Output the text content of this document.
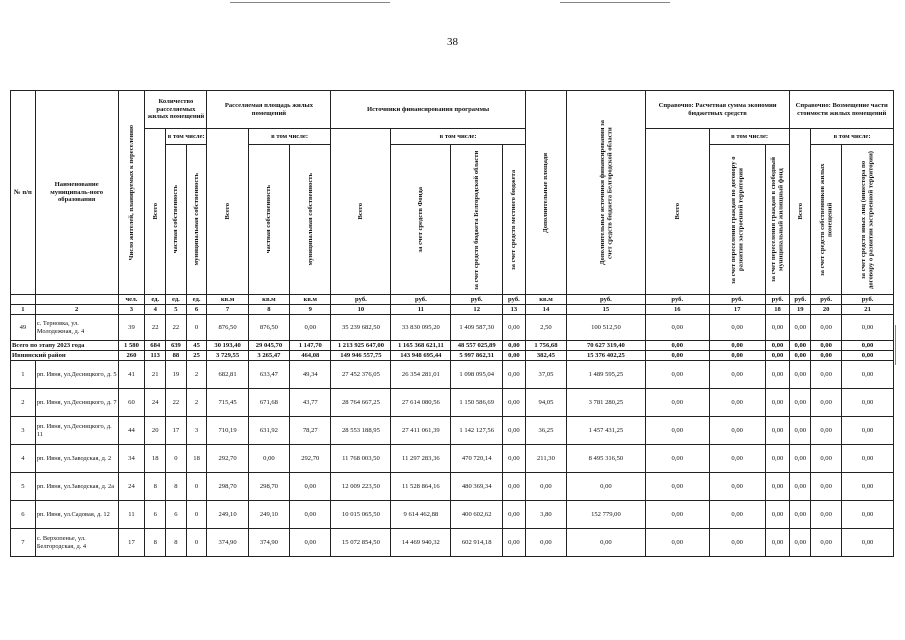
38
№ п/п	Наименование муниципаль-ного образования	Число жителей, планируемых к переселению	Количество расселяемых жилых помещений			Расселяемая площадь жилых помещений			Источники финансирования программы				Дополнительные площади	Дополнительные источники финансирования за счет средств бюджета Белгородской области	Справочно: Расчетная сумма экономии бюджетных средств			Справочно: Возмещение части стоимости жилых помещений		

			Всего	в том числе:		Всего	в том числе:		Всего	в том числе:					Всего	в том числе:		Всего	в том числе:	

				частная собственность	муниципальная собственность		частная собственность	муниципальная собственность		за счет средств Фонда	за счет средств бюджета Белгородской области	за счет средств местного бюджета				за счет переселения граждан по договору о развитии застроенной территории	за счет переселения граждан в свободный муниципальный жилищный фонд		за счет средств собственников жилых помещений	за счет средств иных лиц (инвестора по договору о развитии застроенной территории)

		чел.	ед.	ед.	ед.	кв.м	кв.м	кв.м	руб.	руб.	руб.	руб.	кв.м	руб.	руб.	руб.	руб.	руб.	руб.	руб.
1	2	3	4	5	6	7	8	9	10	11	12	13	14	15	16	17	18	19	20	21
49	с. Терновка, ул. Молодежная, д. 4	39	22	22	0	876,50	876,50	0,00	35 239 682,50	33 830 095,20	1 409 587,30	0,00	2,50	100 512,50	0,00	0,00	0,00	0,00	0,00	0,00
Всего по этапу 2023 года		1 580	684	639	45	30 193,40	29 045,70	1 147,70	1 213 925 647,00	1 165 368 621,11	48 557 025,89	0,00	1 756,68	70 627 319,40	0,00	0,00	0,00	0,00	0,00	0,00
Ивнянский район		260	113	88	25	3 729,55	3 265,47	464,08	149 946 557,75	143 948 695,44	5 997 862,31	0,00	382,45	15 376 402,25	0,00	0,00	0,00	0,00	0,00	0,00
1	рп. Ивня, ул.Десницкого, д. 5	41	21	19	2	682,81	633,47	49,34	27 452 376,05	26 354 281,01	1 098 095,04	0,00	37,05	1 489 595,25	0,00	0,00	0,00	0,00	0,00	0,00
2	рп. Ивня, ул.Десницкого, д. 7	60	24	22	2	715,45	671,68	43,77	28 764 667,25	27 614 080,56	1 150 586,69	0,00	94,05	3 781 280,25	0,00	0,00	0,00	0,00	0,00	0,00
3	рп. Ивня, ул.Десницкого, д. 11	44	20	17	3	710,19	631,92	78,27	28 553 188,95	27 411 061,39	1 142 127,56	0,00	36,25	1 457 431,25	0,00	0,00	0,00	0,00	0,00	0,00
4	рп. Ивня, ул.Заводская, д. 2	34	18	0	18	292,70	0,00	292,70	11 768 003,50	11 297 283,36	470 720,14	0,00	211,30	8 495 316,50	0,00	0,00	0,00	0,00	0,00	0,00
5	рп. Ивня, ул.Заводская, д. 2а	24	8	8	0	298,70	298,70	0,00	12 009 223,50	11 528 864,16	480 369,34	0,00	0,00	0,00	0,00	0,00	0,00	0,00	0,00	0,00
6	рп. Ивня, ул.Садовая, д. 12	11	6	6	0	249,10	249,10	0,00	10 015 065,50	9 614 462,88	400 602,62	0,00	3,80	152 779,00	0,00	0,00	0,00	0,00	0,00	0,00
7	с. Верхопенье, ул. Белгородская, д. 4	17	8	8	0	374,90	374,90	0,00	15 072 854,50	14 469 940,32	602 914,18	0,00	0,00	0,00	0,00	0,00	0,00	0,00	0,00	0,00
